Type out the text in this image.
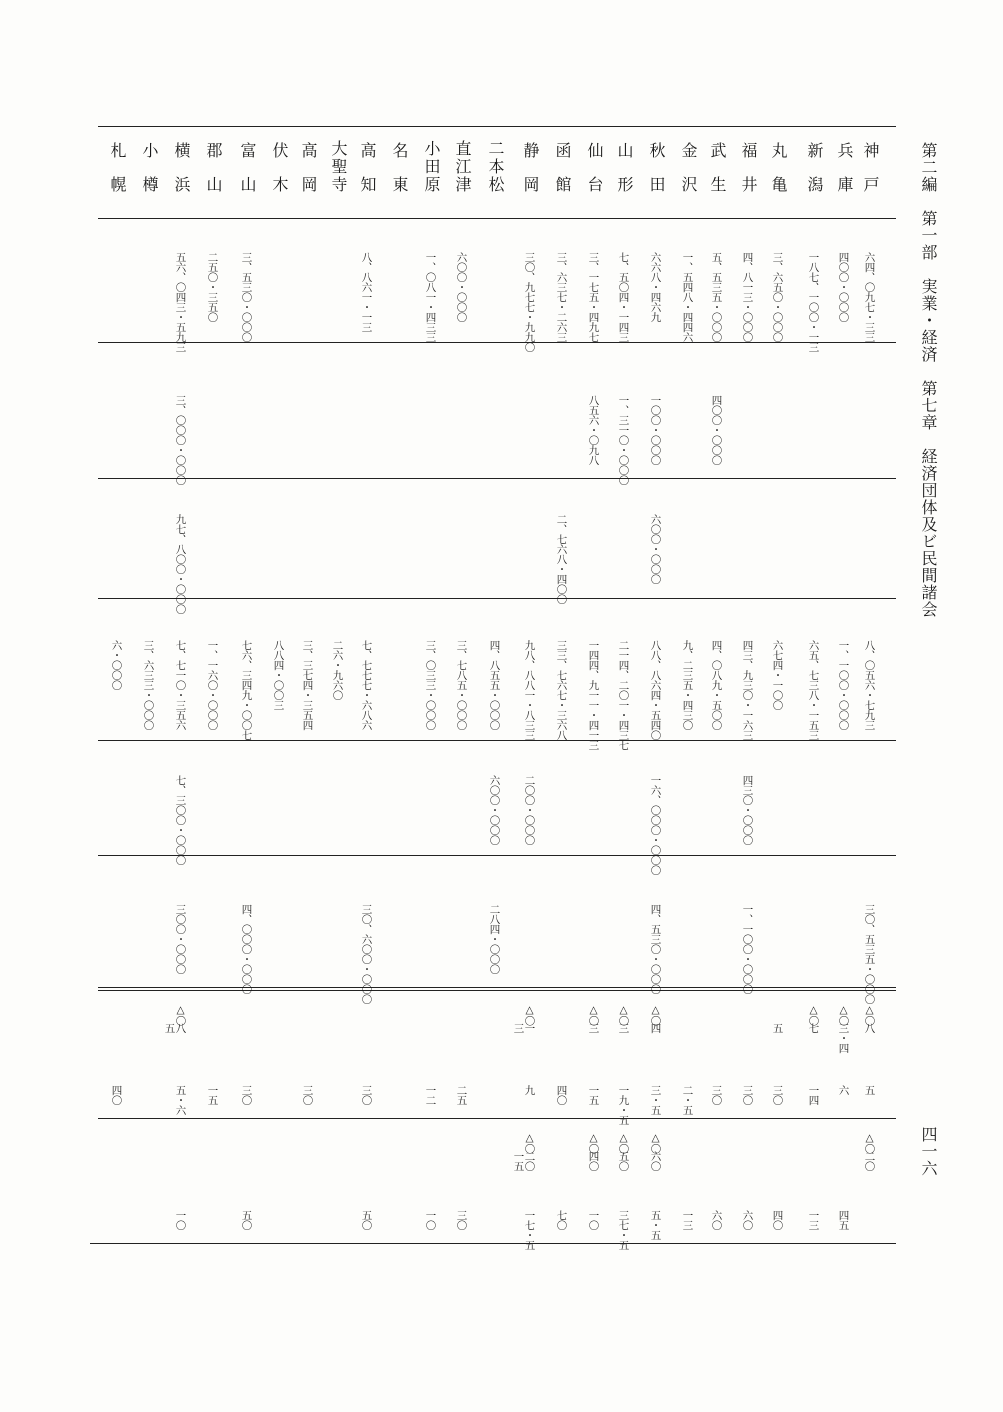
第二編　第一部　実業・経済　第七章　経済団体及ビ民間諸会
四一六
神戸
兵庫
新潟
丸亀
福井
武生
金沢
秋田
山形
仙台
函館
静岡
二本松
直江津
小田原
名東
高知
大聖寺
高岡
伏木
富山
郡山
横浜
小樽
札幌
六四、〇九七・三三
四〇〇・〇〇〇
一八七、一〇〇・一三
三、六五〇・〇〇〇
四、八一三・〇〇〇
五、五三五・〇〇〇
一、五四八・四四六
六六八・四六九
七、五〇四・一四三
三、一七五・四九七
三、六三七・二六三
三〇、九七七・九九〇
六〇〇・〇〇〇
一、〇八一・四三三
八、八六一・一三
三、五三〇・〇〇〇
二五〇・三五〇
五六、〇四三・五九三
四〇〇・〇〇〇
一〇〇・〇〇〇
一、三一〇・〇〇〇
八五六・〇九八
三、〇〇〇・〇〇〇
六〇〇・〇〇〇
二、七六八・四〇〇
九七、八〇〇・〇〇〇
八、〇五六・七九三
一、一〇〇・〇〇〇
六五、七三八・一五三
六七四・一〇〇
四三、九三〇・一六三
四、〇八九・五〇〇
九、二三五・四三〇
八八、八六四・五四〇
二一四、二〇一・四三七
一四四、九一一・四一三
三三、七六七・三六八
九八、八八一・八三三
四、八五五・〇〇〇
三、七八五・〇〇〇
三、〇三三・〇〇〇
七、七七七・六八六
二六・九六〇
三、三七四・三五四
八八四・〇〇三
七六、三四九・〇〇七
一、一六〇・〇〇〇
七、七一〇・三五六
三、六三三・〇〇〇
六・〇〇〇
四三〇・〇〇〇
一六、〇〇〇・〇〇〇
二〇〇・〇〇〇
六〇〇・〇〇〇
七、三〇〇・〇〇〇
三〇、五三五・〇〇〇
一、一〇〇・〇〇〇
四、五三〇・〇〇〇
二八四・〇〇〇
三〇、六〇〇・〇〇〇
四、〇〇〇・〇〇〇
三〇〇・〇〇〇
△〇
△〇
△〇
△〇
△〇
△〇
△〇
△〇
八
三・四
七
五
四
三
三
一
八	三
五
五
六
一四
三〇
三〇
三〇
二・五
三・五
一九・五
一五
四〇
九
二五
一二
三〇
三〇
三〇
一五
五・六
四〇
△〇
△〇
△〇
△〇
△〇
二〇
六〇
五〇
四〇
二〇
一五
四五
一三
四〇
六〇
六〇
一三
五・五
三七・五
一〇
七〇
一七・五
三〇
一〇
五〇
五〇
一〇
